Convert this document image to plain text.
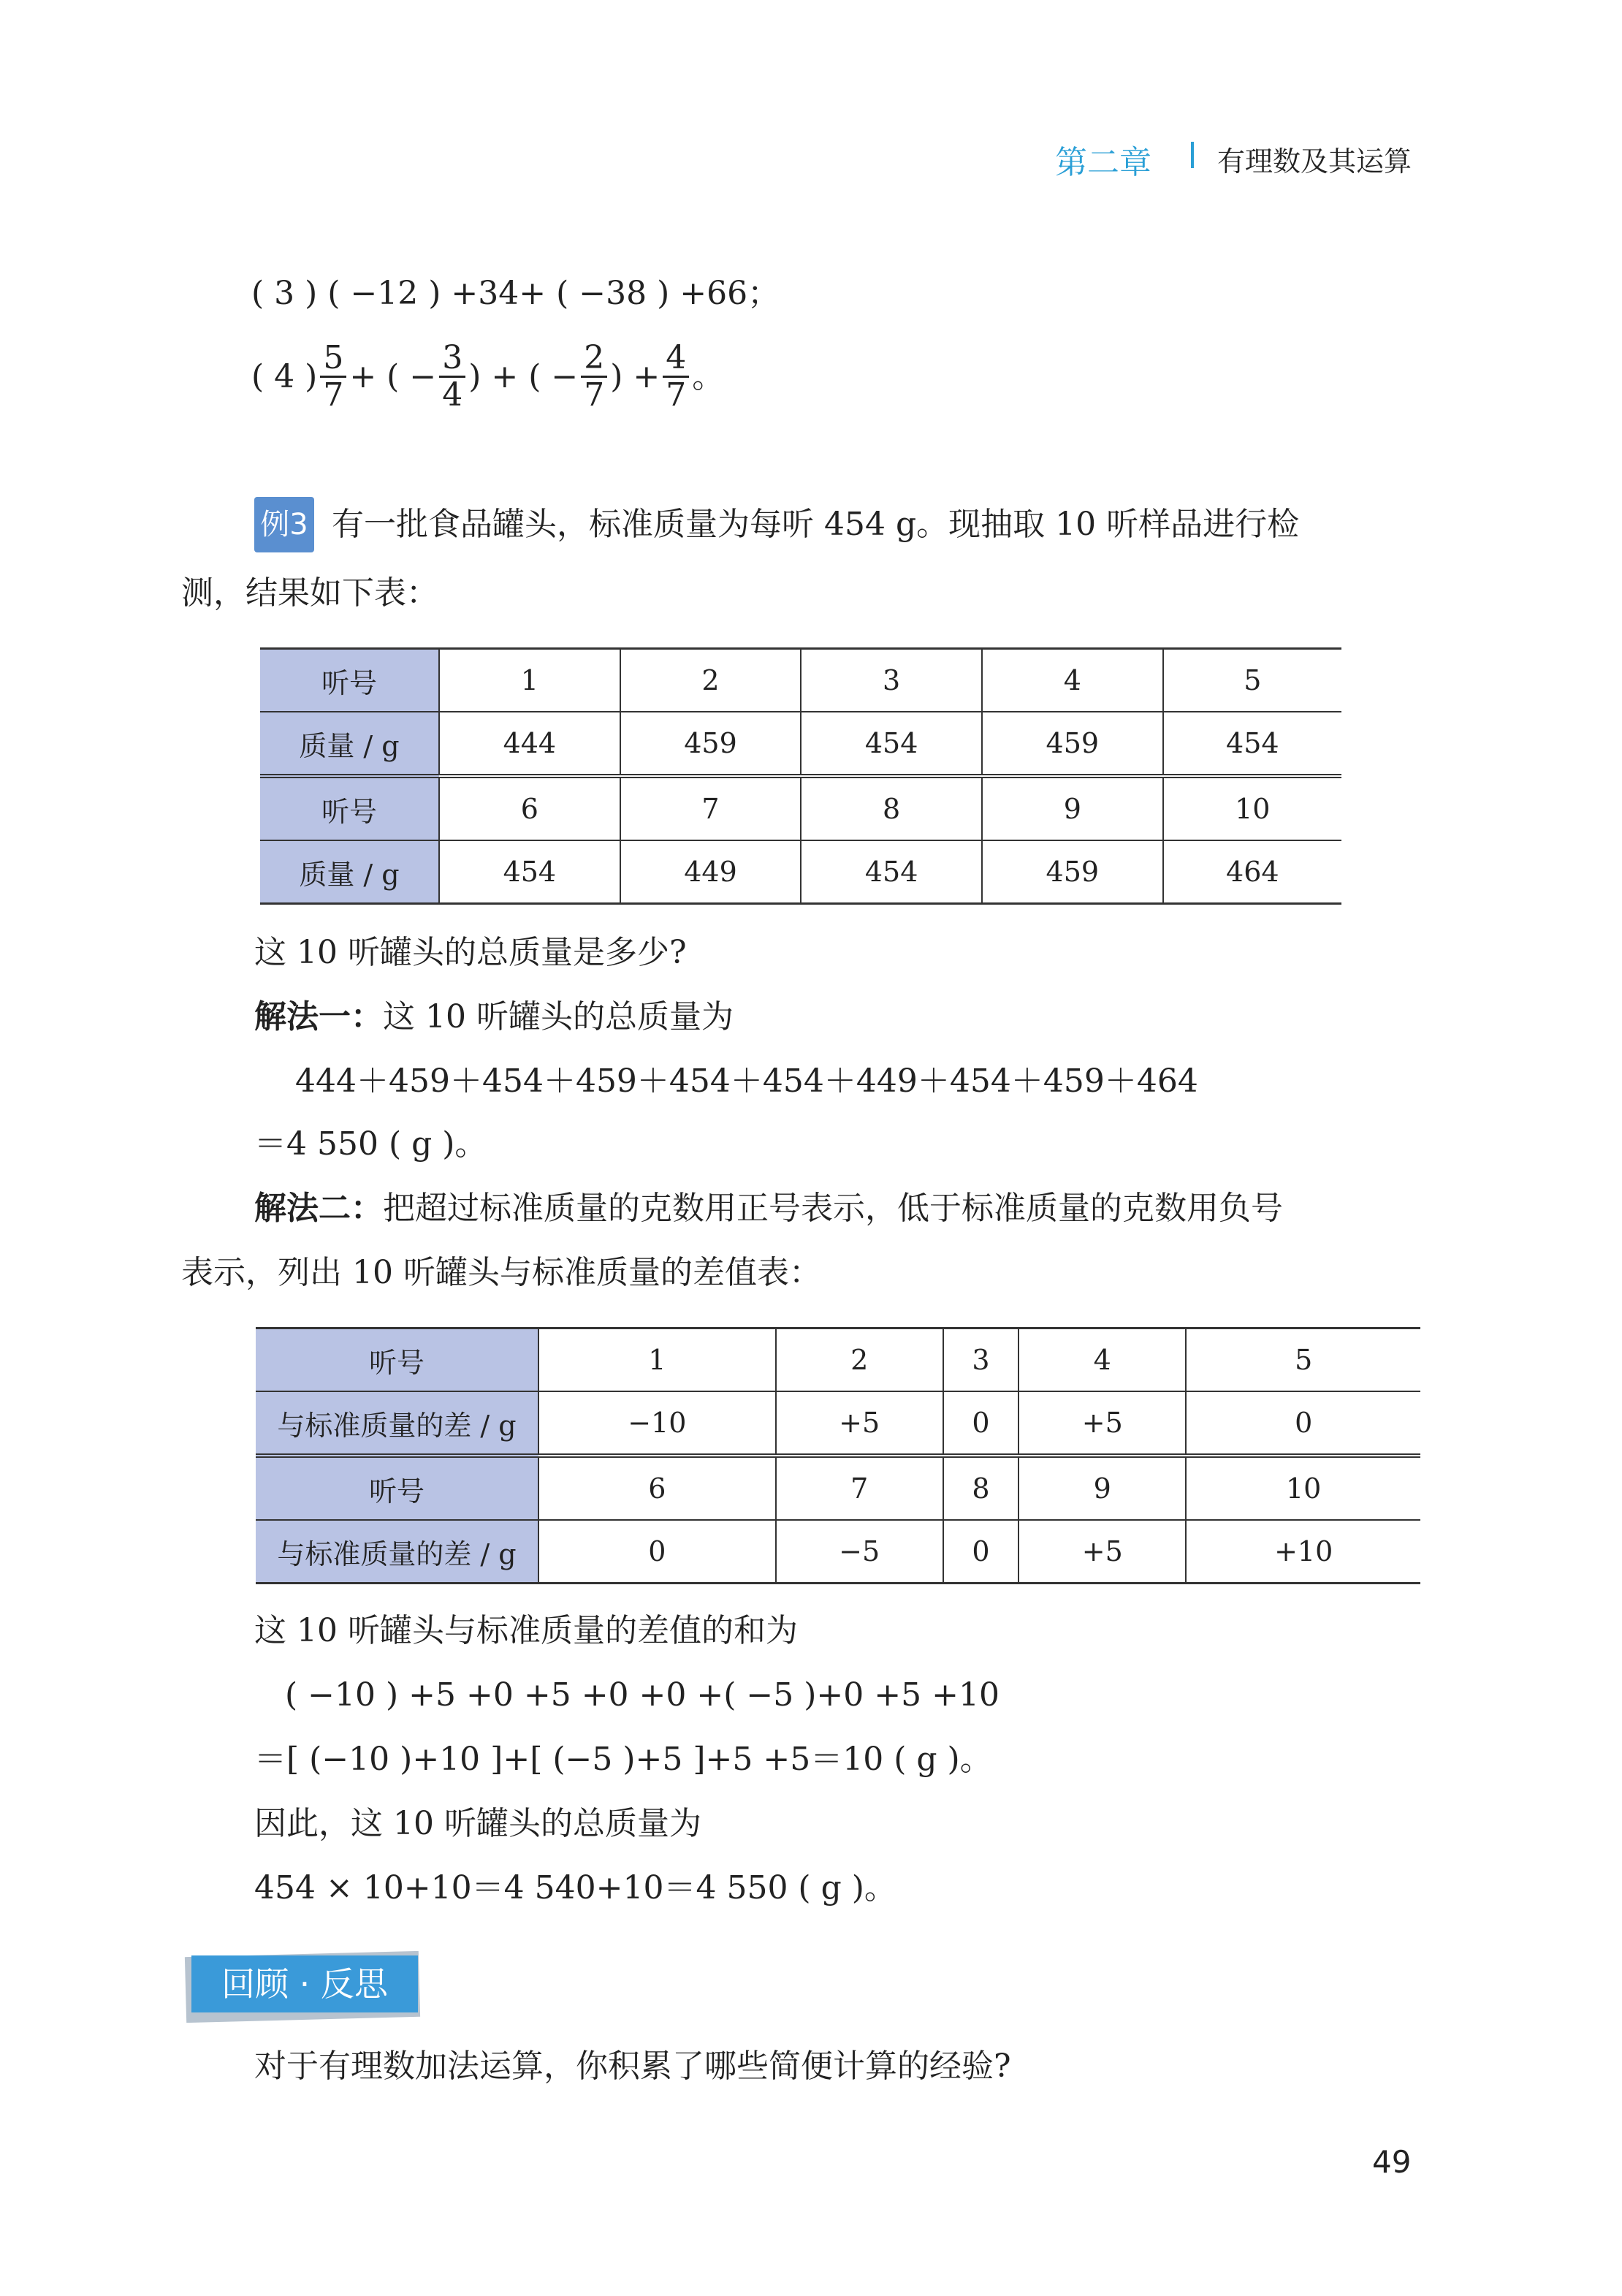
第二章 有理数及其运算
( 3 ) ( −12 ) +34+ ( −38 ) +66；
( 4 ) $\frac{5}{7}$ + ( − $\frac{3}{4}$ ) + ( − $\frac{2}{7}$ ) + $\frac{4}{7}$ 。
例3 有一批食品罐头，标准质量为每听 454 g。现抽取 10 听样品进行检
测，结果如下表：
听号	1	2	3	4	5
质量 / g	444	459	454	459	454
听号	6	7	8	9	10
质量 / g	454	449	454	459	464
这 10 听罐头的总质量是多少?
解法一：这 10 听罐头的总质量为
444＋459＋454＋459＋454＋454＋449＋454＋459＋464
＝4 550 ( g )。
解法二：把超过标准质量的克数用正号表示，低于标准质量的克数用负号
表示，列出 10 听罐头与标准质量的差值表：
听号	1	2	3	4	5
与标准质量的差 / g	−10	+5	0	+5	0
听号	6	7	8	9	10
与标准质量的差 / g	0	−5	0	+5	+10
这 10 听罐头与标准质量的差值的和为
( −10 ) +5 +0 +5 +0 +0 +( −5 )+0 +5 +10
＝[ (−10 )+10 ]+[ (−5 )+5 ]+5 +5＝10 ( g )。
因此，这 10 听罐头的总质量为
454 × 10+10＝4 540+10＝4 550 ( g )。
回顾 · 反思
对于有理数加法运算，你积累了哪些简便计算的经验?
49
